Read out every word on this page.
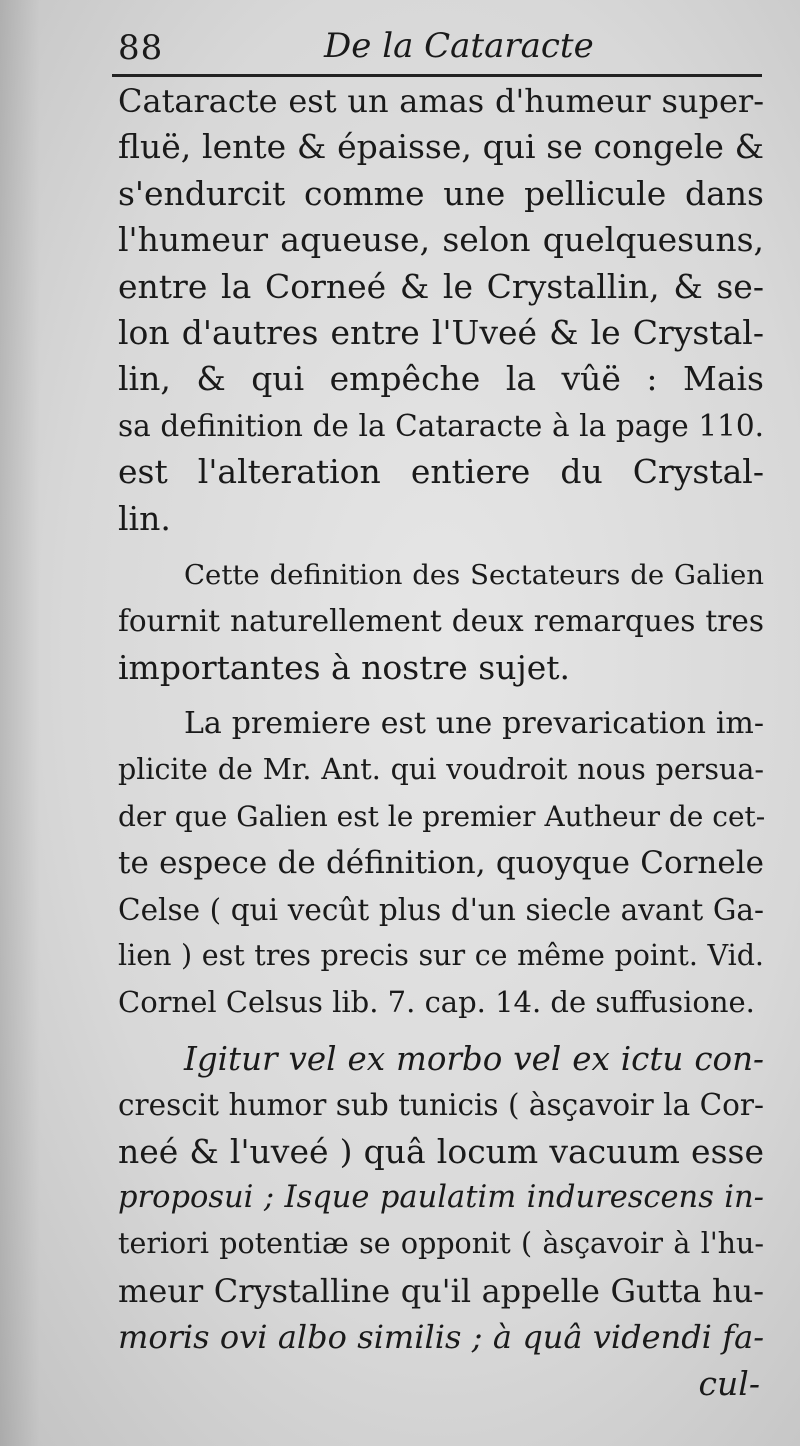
88	De la Cataracte
Cataracte est un amas d'humeur super-
fluë, lente & épaisse, qui se congele &
s'endurcit comme une pellicule dans
l'humeur aqueuse, selon quelquesuns,
entre la Corneé & le Crystallin, & se-
lon d'autres entre l'Uveé & le Crystal-
lin, & qui empêche la vûë : Mais
sa definition de la Cataracte à la page 110.
est l'alteration entiere du Crystal-
lin.
Cette definition des Sectateurs de Galien
fournit naturellement deux remarques tres
importantes à nostre sujet.
La premiere est une prevarication im-
plicite de Mr. Ant. qui voudroit nous persua-
der que Galien est le premier Autheur de cet-
te espece de définition, quoyque Cornele
Celse ( qui vecût plus d'un siecle avant Ga-
lien ) est tres precis sur ce même point. Vid.
Cornel Celsus lib. 7. cap. 14. de suffusione.
Igitur vel ex morbo vel ex ictu con-
crescit humor sub tunicis ( àsçavoir la Cor-
neé & l'uveé ) quâ locum vacuum esse
proposui ; Isque paulatim indurescens in-
teriori potentiæ se opponit ( àsçavoir à l'hu-
meur Crystalline qu'il appelle Gutta hu-
moris ovi albo similis ; à quâ videndi fa-
cul-
